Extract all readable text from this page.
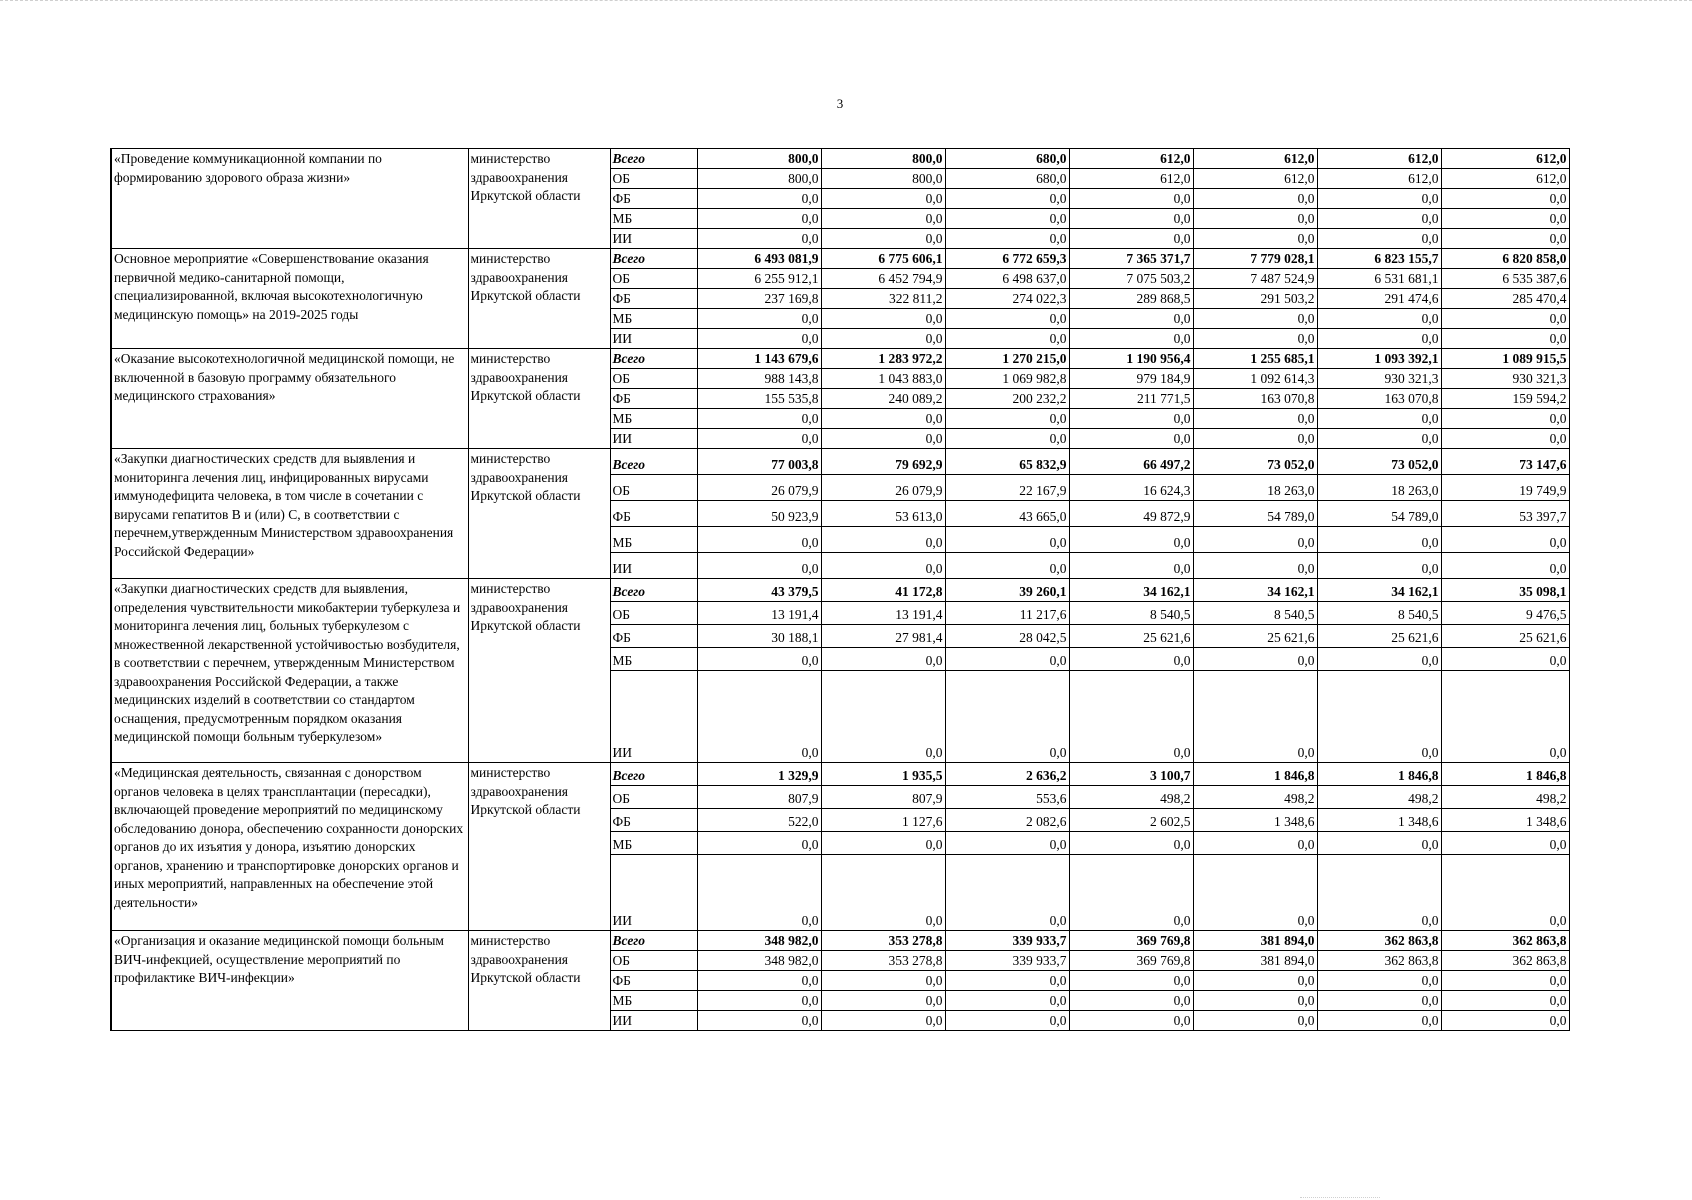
3
«Проведение коммуникационной компании по формированию здорового образа жизни»	министерство здравоохранения Иркутской области	Всего	800,0	800,0	680,0	612,0	612,0	612,0	612,0
		ОБ	800,0	800,0	680,0	612,0	612,0	612,0	612,0
		ФБ	0,0	0,0	0,0	0,0	0,0	0,0	0,0
		МБ	0,0	0,0	0,0	0,0	0,0	0,0	0,0
		ИИ	0,0	0,0	0,0	0,0	0,0	0,0	0,0
Основное мероприятие «Совершенствование оказания первичной медико-санитарной помощи, специализированной, включая высокотехнологичную медицинскую помощь» на 2019-2025 годы	министерство здравоохранения Иркутской области	Всего	6 493 081,9	6 775 606,1	6 772 659,3	7 365 371,7	7 779 028,1	6 823 155,7	6 820 858,0
		ОБ	6 255 912,1	6 452 794,9	6 498 637,0	7 075 503,2	7 487 524,9	6 531 681,1	6 535 387,6
		ФБ	237 169,8	322 811,2	274 022,3	289 868,5	291 503,2	291 474,6	285 470,4
		МБ	0,0	0,0	0,0	0,0	0,0	0,0	0,0
		ИИ	0,0	0,0	0,0	0,0	0,0	0,0	0,0
«Оказание высокотехнологичной медицинской помощи, не включенной в базовую программу обязательного медицинского страхования»	министерство здравоохранения Иркутской области	Всего	1 143 679,6	1 283 972,2	1 270 215,0	1 190 956,4	1 255 685,1	1 093 392,1	1 089 915,5
		ОБ	988 143,8	1 043 883,0	1 069 982,8	979 184,9	1 092 614,3	930 321,3	930 321,3
		ФБ	155 535,8	240 089,2	200 232,2	211 771,5	163 070,8	163 070,8	159 594,2
		МБ	0,0	0,0	0,0	0,0	0,0	0,0	0,0
		ИИ	0,0	0,0	0,0	0,0	0,0	0,0	0,0
«Закупки диагностических средств для выявления и мониторинга лечения лиц, инфицированных вирусами иммунодефицита человека, в том числе в сочетании с вирусами гепатитов В и (или) С, в соответствии с перечнем,утвержденным Министерством здравоохранения Российской Федерации»	министерство здравоохранения Иркутской области	Всего	77 003,8	79 692,9	65 832,9	66 497,2	73 052,0	73 052,0	73 147,6
		ОБ	26 079,9	26 079,9	22 167,9	16 624,3	18 263,0	18 263,0	19 749,9
		ФБ	50 923,9	53 613,0	43 665,0	49 872,9	54 789,0	54 789,0	53 397,7
		МБ	0,0	0,0	0,0	0,0	0,0	0,0	0,0
		ИИ	0,0	0,0	0,0	0,0	0,0	0,0	0,0
«Закупки диагностических средств для выявления, определения чувствительности микобактерии туберкулеза и мониторинга лечения лиц, больных туберкулезом с множественной лекарственной устойчивостью возбудителя, в соответствии с перечнем, утвержденным Министерством здравоохранения Российской Федерации, а также медицинских изделий в соответствии со стандартом оснащения, предусмотренным порядком оказания медицинской помощи больным туберкулезом»	министерство здравоохранения Иркутской области	Всего	43 379,5	41 172,8	39 260,1	34 162,1	34 162,1	34 162,1	35 098,1
		ОБ	13 191,4	13 191,4	11 217,6	8 540,5	8 540,5	8 540,5	9 476,5
		ФБ	30 188,1	27 981,4	28 042,5	25 621,6	25 621,6	25 621,6	25 621,6
		МБ	0,0	0,0	0,0	0,0	0,0	0,0	0,0
		ИИ	0,0	0,0	0,0	0,0	0,0	0,0	0,0
«Медицинская деятельность, связанная с донорством органов человека в целях трансплантации (пересадки), включающей проведение мероприятий по медицинскому обследованию донора, обеспечению сохранности донорских органов до их изъятия у донора, изъятию донорских органов, хранению и транспортировке донорских органов и иных мероприятий, направленных на обеспечение этой деятельности»	министерство здравоохранения Иркутской области	Всего	1 329,9	1 935,5	2 636,2	3 100,7	1 846,8	1 846,8	1 846,8
		ОБ	807,9	807,9	553,6	498,2	498,2	498,2	498,2
		ФБ	522,0	1 127,6	2 082,6	2 602,5	1 348,6	1 348,6	1 348,6
		МБ	0,0	0,0	0,0	0,0	0,0	0,0	0,0
		ИИ	0,0	0,0	0,0	0,0	0,0	0,0	0,0
«Организация и оказание медицинской помощи больным ВИЧ-инфекцией, осуществление мероприятий по профилактике ВИЧ-инфекции»	министерство здравоохранения Иркутской области	Всего	348 982,0	353 278,8	339 933,7	369 769,8	381 894,0	362 863,8	362 863,8
		ОБ	348 982,0	353 278,8	339 933,7	369 769,8	381 894,0	362 863,8	362 863,8
		ФБ	0,0	0,0	0,0	0,0	0,0	0,0	0,0
		МБ	0,0	0,0	0,0	0,0	0,0	0,0	0,0
		ИИ	0,0	0,0	0,0	0,0	0,0	0,0	0,0
